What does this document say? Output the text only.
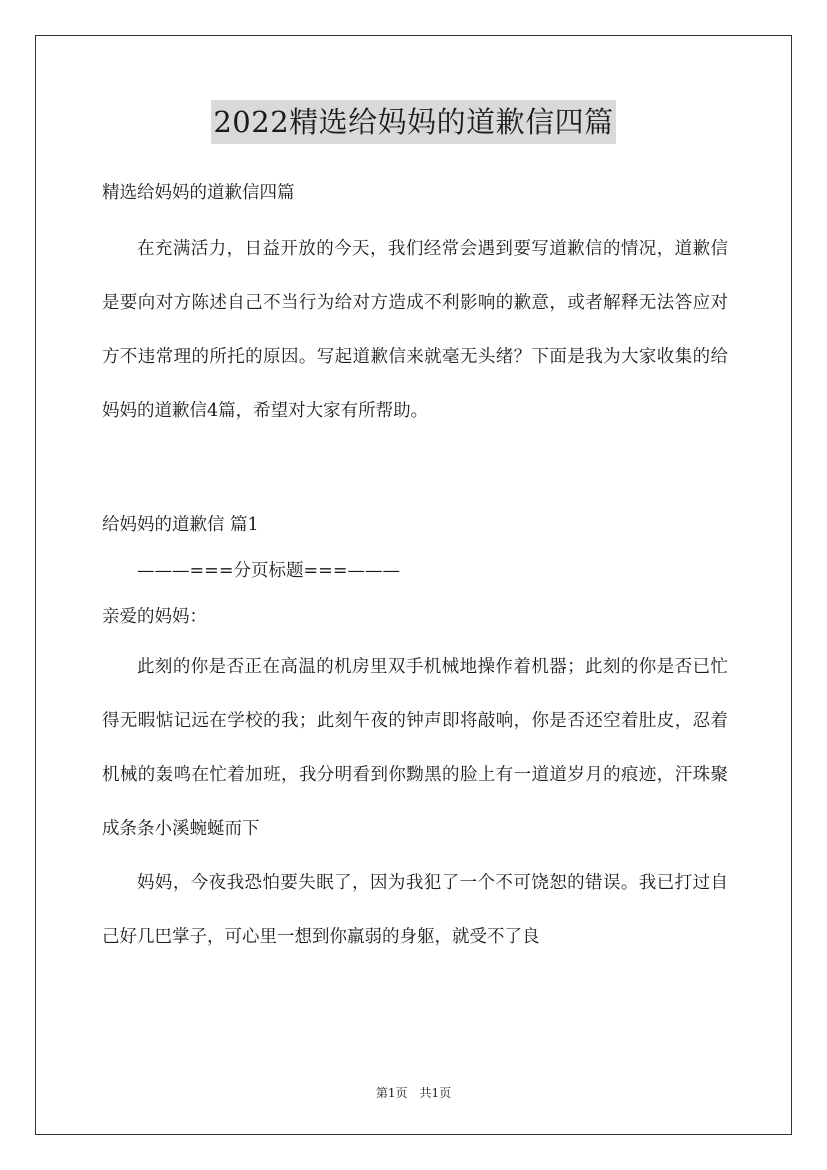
2022精选给妈妈的道歉信四篇

精选给妈妈的道歉信四篇

在充满活力，日益开放的今天，我们经常会遇到要写道歉信的情况，道歉信是要向对方陈述自己不当行为给对方造成不利影响的歉意，或者解释无法答应对方不违常理的所托的原因。写起道歉信来就毫无头绪？下面是我为大家收集的给妈妈的道歉信4篇，希望对大家有所帮助。

给妈妈的道歉信 篇1

———===分页标题===———

亲爱的妈妈：

此刻的你是否正在高温的机房里双手机械地操作着机器；此刻的你是否已忙得无暇惦记远在学校的我；此刻午夜的钟声即将敲响，你是否还空着肚皮，忍着机械的轰鸣在忙着加班，我分明看到你黝黑的脸上有一道道岁月的痕迹，汗珠聚成条条小溪蜿蜒而下

妈妈，今夜我恐怕要失眠了，因为我犯了一个不可饶恕的错误。我已打过自己好几巴掌子，可心里一想到你羸弱的身躯，就受不了良

第1页　共1页
